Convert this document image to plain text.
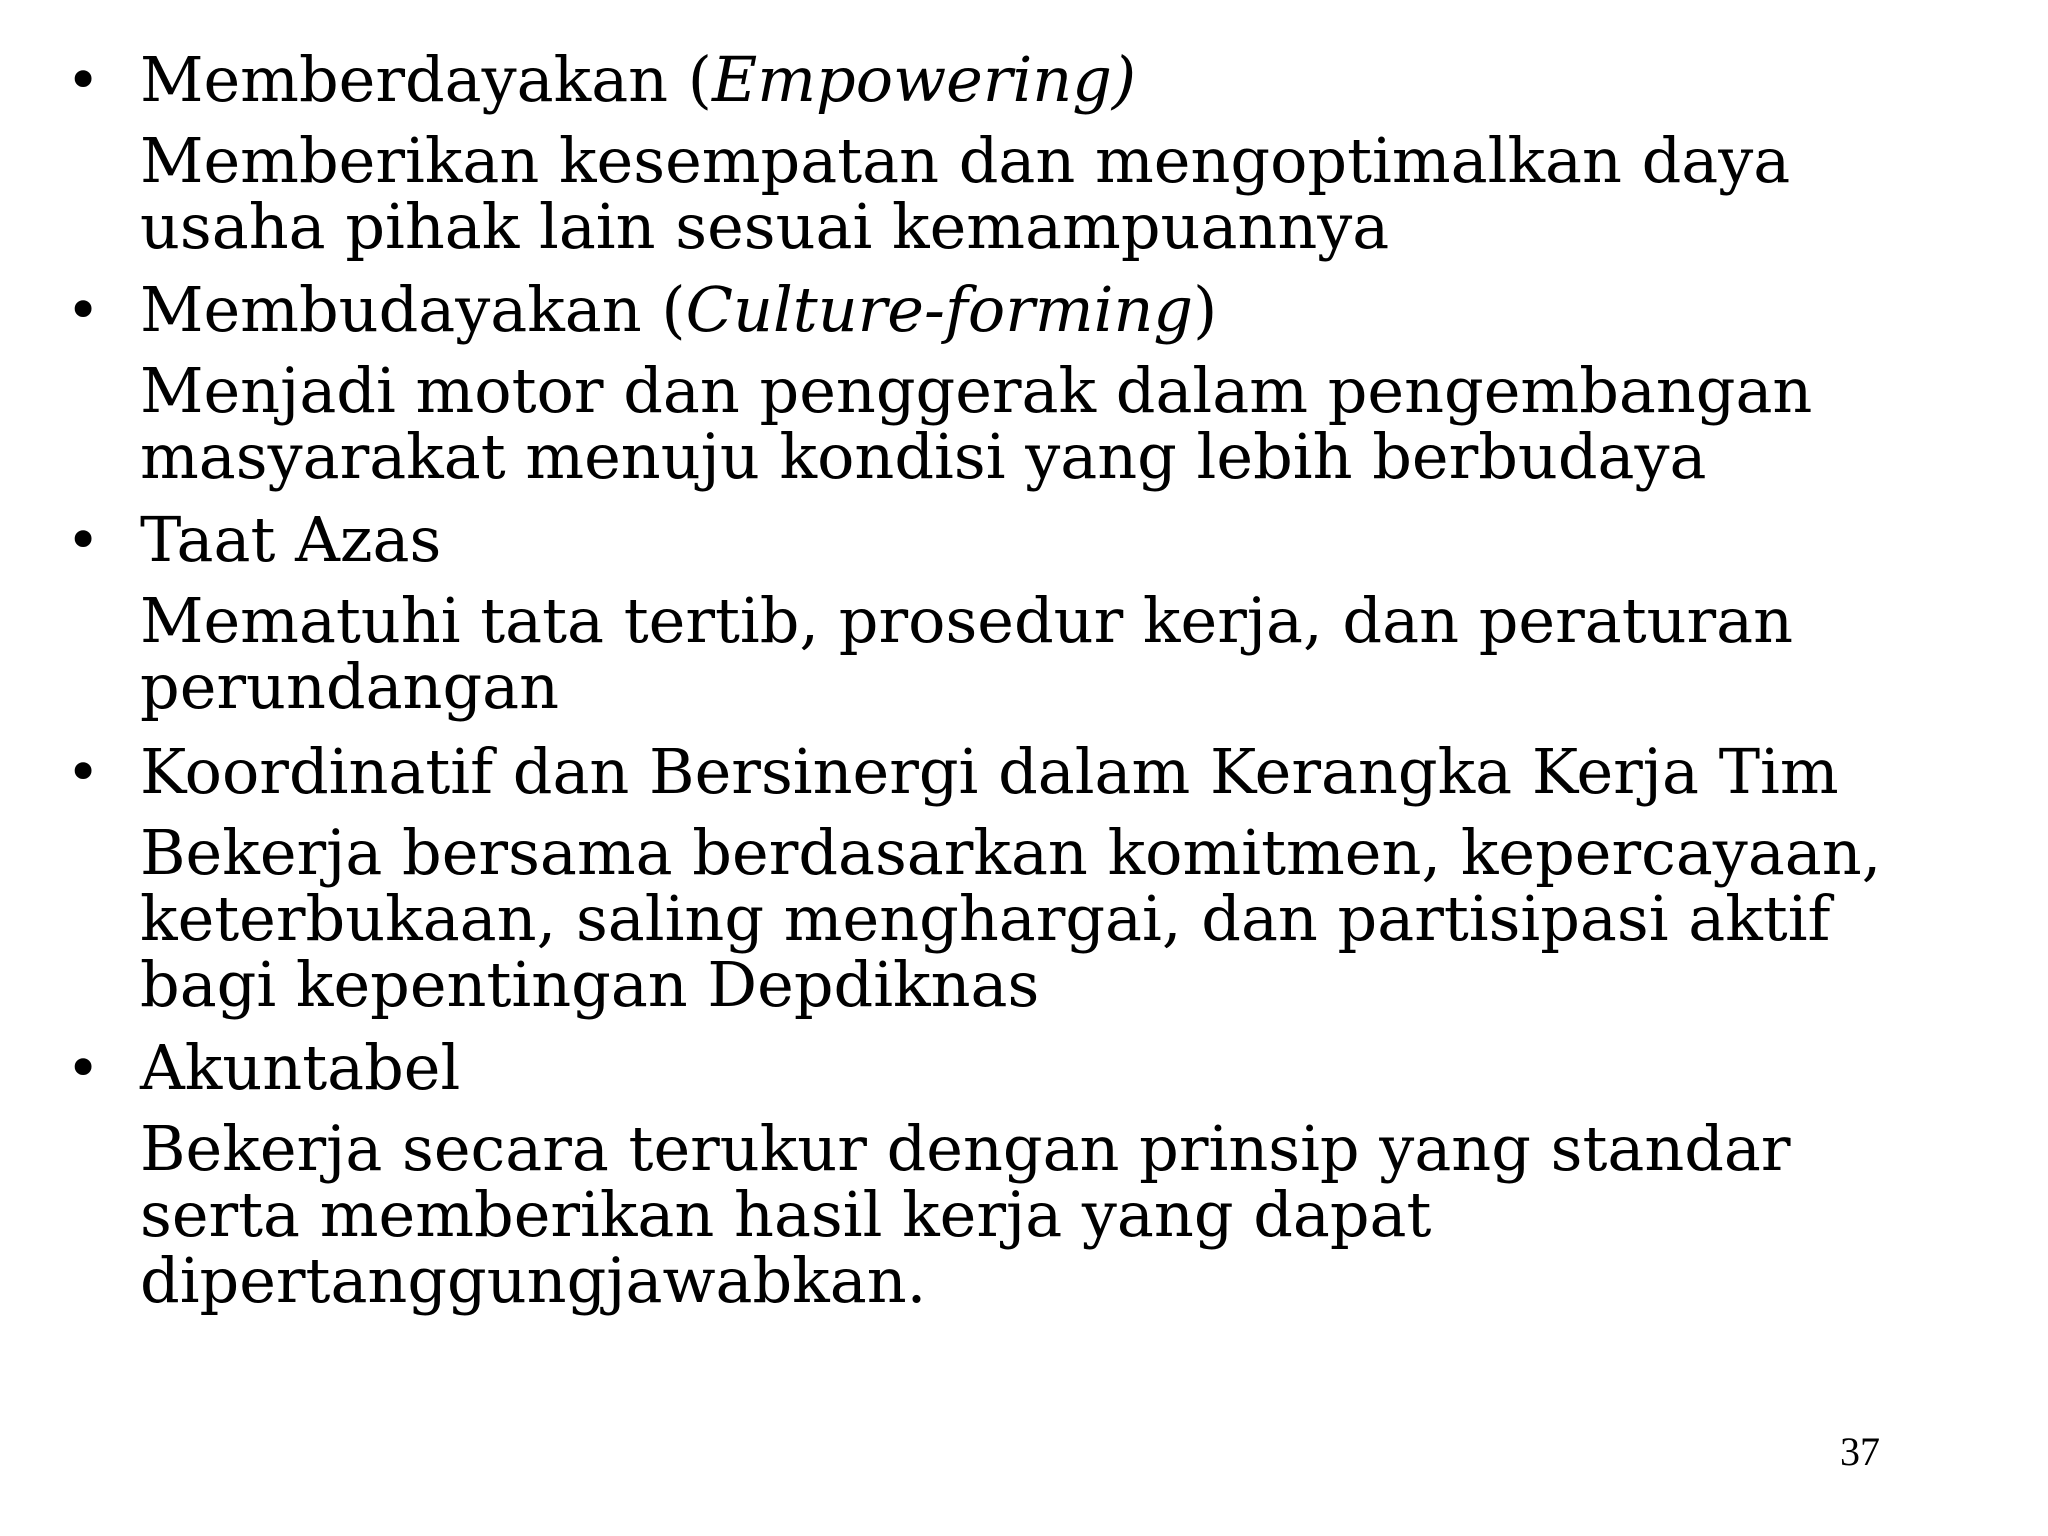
• Memberdayakan (Empowering)
Memberikan kesempatan dan mengoptimalkan daya
usaha pihak lain sesuai kemampuannya
• Membudayakan (Culture-forming)
Menjadi motor dan penggerak dalam pengembangan
masyarakat menuju kondisi yang lebih berbudaya
• Taat Azas
Mematuhi tata tertib, prosedur kerja, dan peraturan
perundangan
• Koordinatif dan Bersinergi dalam Kerangka Kerja Tim
Bekerja bersama berdasarkan komitmen, kepercayaan,
keterbukaan, saling menghargai, dan partisipasi aktif
bagi kepentingan Depdiknas
• Akuntabel
Bekerja secara terukur dengan prinsip yang standar
serta memberikan hasil kerja yang dapat
dipertanggungjawabkan.
37
